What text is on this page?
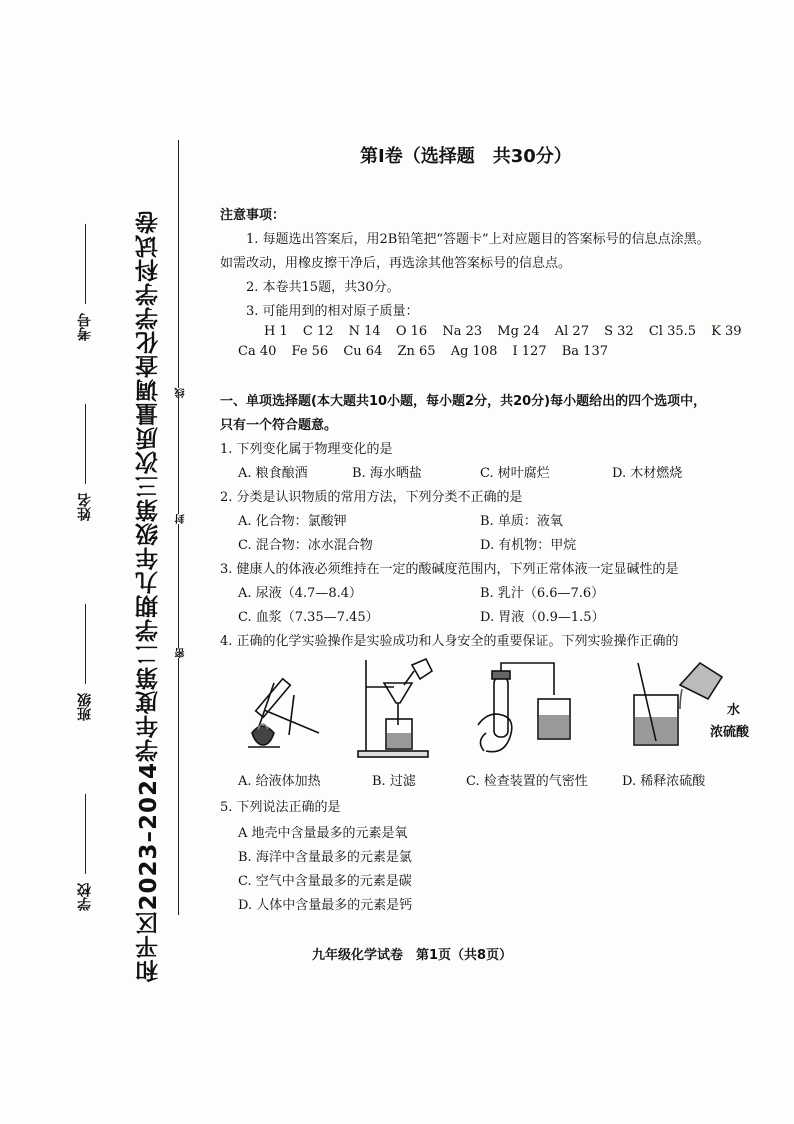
和平区2023–2024学年度第二学期九年级第三次质量调查化学学科试卷
学校
班级
姓名
考号
密
封
线
第I卷（选择题　共30分）
注意事项：
1. 每题选出答案后，用2B铅笔把“答题卡”上对应题目的答案标号的信息点涂黑。
如需改动，用橡皮擦干净后，再选涂其他答案标号的信息点。
2. 本卷共15题，共30分。
3. 可能用到的相对原子质量：
H 1 C 12 N 14 O 16 Na 23 Mg 24 Al 27 S 32 Cl 35.5 K 39
Ca 40 Fe 56 Cu 64 Zn 65 Ag 108 I 127 Ba 137
一、单项选择题(本大题共10小题，每小题2分，共20分)每小题给出的四个选项中，
只有一个符合题意。
1. 下列变化属于物理变化的是
A. 粮食酿酒	B. 海水晒盐	C. 树叶腐烂	D. 木材燃烧
2. 分类是认识物质的常用方法，下列分类不正确的是
A. 化合物：氯酸钾	B. 单质：液氧
C. 混合物：冰水混合物	D. 有机物：甲烷
3. 健康人的体液必须维持在一定的酸碱度范围内，下列正常体液一定显碱性的是
A. 尿液（4.7—8.4）	B. 乳汁（6.6—7.6）
C. 血浆（7.35—7.45）	D. 胃液（0.9—1.5）
4. 正确的化学实验操作是实验成功和人身安全的重要保证。下列实验操作正确的
水
浓硫酸
A. 给液体加热	B. 过滤	C. 检查装置的气密性	D. 稀释浓硫酸
5. 下列说法正确的是
A 地壳中含量最多的元素是氧
B. 海洋中含量最多的元素是氯
C. 空气中含量最多的元素是碳
D. 人体中含量最多的元素是钙
九年级化学试卷　第1页（共8页）
